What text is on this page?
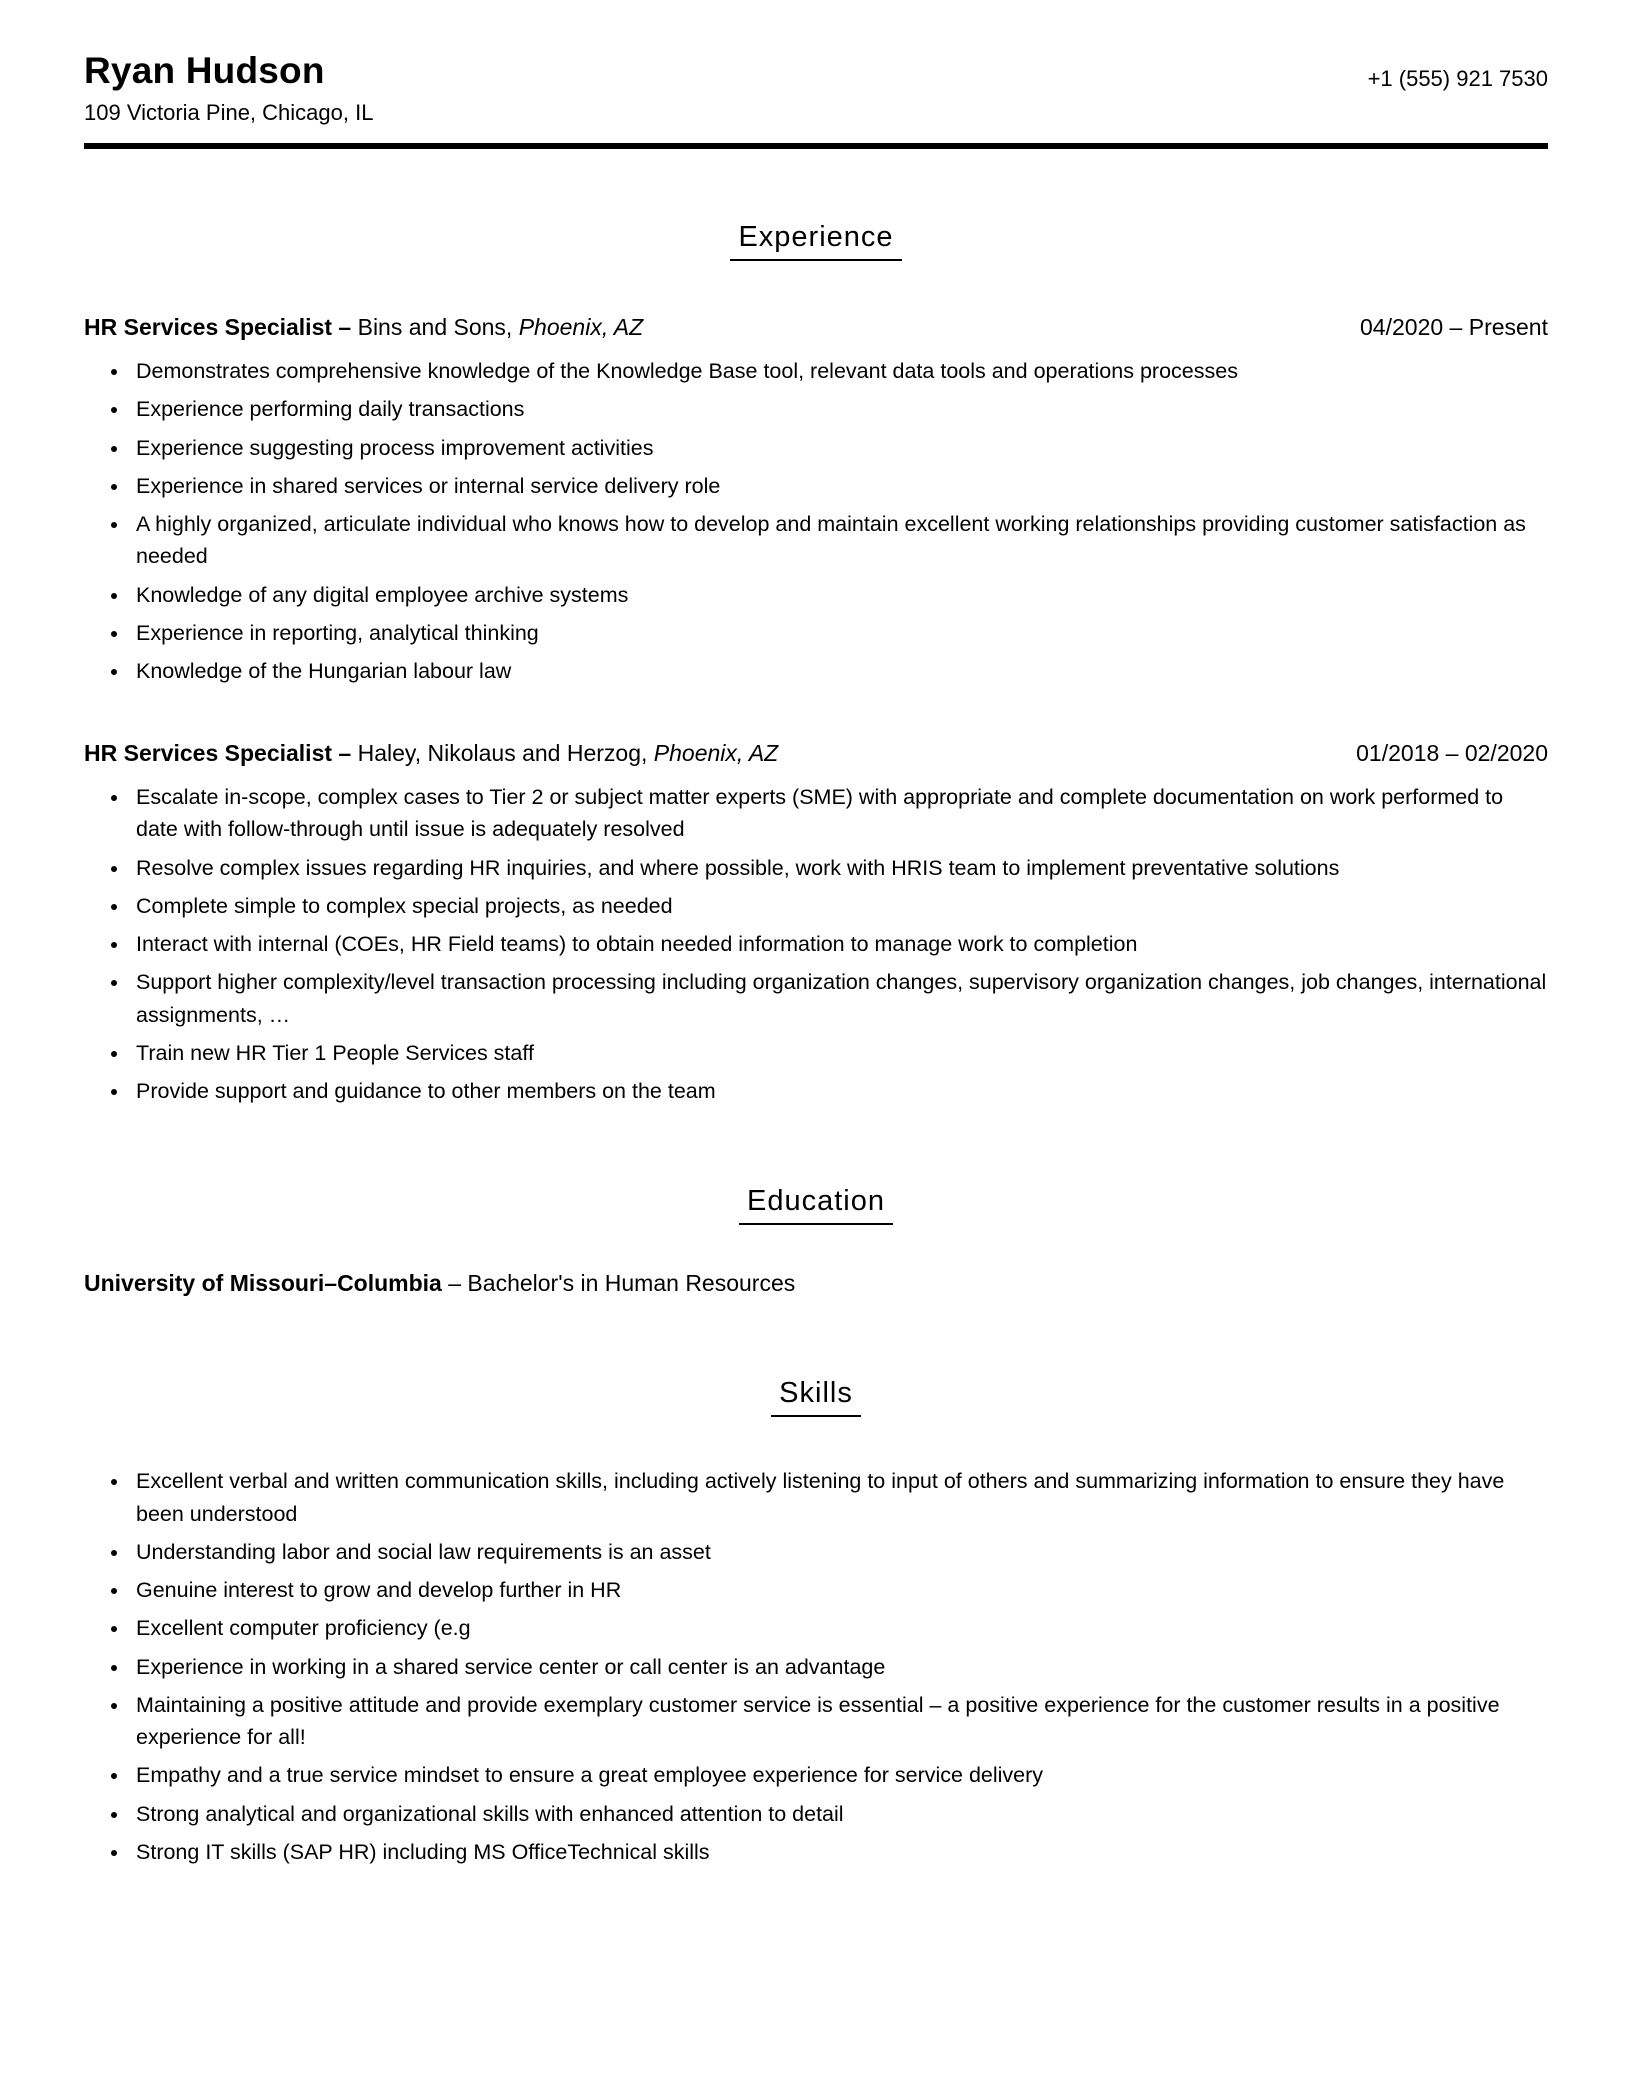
Ryan Hudson
109 Victoria Pine, Chicago, IL
+1 (555) 921 7530
Experience
HR Services Specialist – Bins and Sons, Phoenix, AZ	04/2020 – Present
• Demonstrates comprehensive knowledge of the Knowledge Base tool, relevant data tools and operations processes
• Experience performing daily transactions
• Experience suggesting process improvement activities
• Experience in shared services or internal service delivery role
• A highly organized, articulate individual who knows how to develop and maintain excellent working relationships providing customer satisfaction as needed
• Knowledge of any digital employee archive systems
• Experience in reporting, analytical thinking
• Knowledge of the Hungarian labour law
HR Services Specialist – Haley, Nikolaus and Herzog, Phoenix, AZ	01/2018 – 02/2020
• Escalate in-scope, complex cases to Tier 2 or subject matter experts (SME) with appropriate and complete documentation on work performed to date with follow-through until issue is adequately resolved
• Resolve complex issues regarding HR inquiries, and where possible, work with HRIS team to implement preventative solutions
• Complete simple to complex special projects, as needed
• Interact with internal (COEs, HR Field teams) to obtain needed information to manage work to completion
• Support higher complexity/level transaction processing including organization changes, supervisory organization changes, job changes, international assignments, …
• Train new HR Tier 1 People Services staff
• Provide support and guidance to other members on the team
Education
University of Missouri–Columbia – Bachelor's in Human Resources
Skills
• Excellent verbal and written communication skills, including actively listening to input of others and summarizing information to ensure they have been understood
• Understanding labor and social law requirements is an asset
• Genuine interest to grow and develop further in HR
• Excellent computer proficiency (e.g
• Experience in working in a shared service center or call center is an advantage
• Maintaining a positive attitude and provide exemplary customer service is essential – a positive experience for the customer results in a positive experience for all!
• Empathy and a true service mindset to ensure a great employee experience for service delivery
• Strong analytical and organizational skills with enhanced attention to detail
• Strong IT skills (SAP HR) including MS OfficeTechnical skills
